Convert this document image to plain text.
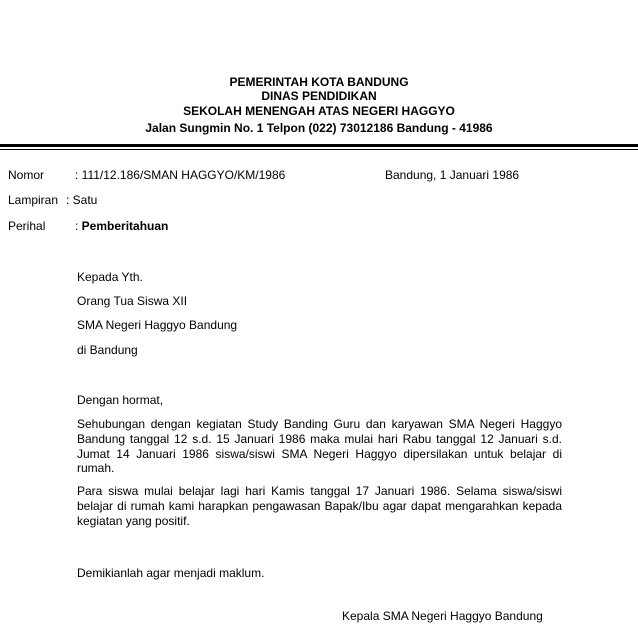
PEMERINTAH KOTA BANDUNG
DINAS PENDIDIKAN
SEKOLAH MENENGAH ATAS NEGERI HAGGYO
Jalan Sungmin No. 1 Telpon (022) 73012186 Bandung - 41986
Nomor	: 111/12.186/SMAN HAGGYO/KM/1986	Bandung, 1 Januari 1986
Lampiran : Satu
Perihal : Pemberitahuan
Kepada Yth.
Orang Tua Siswa XII
SMA Negeri Haggyo Bandung
di Bandung
Dengan hormat,
Sehubungan dengan kegiatan Study Banding Guru dan karyawan SMA Negeri Haggyo Bandung tanggal 12 s.d. 15 Januari 1986 maka mulai hari Rabu tanggal 12 Januari s.d. Jumat 14 Januari 1986 siswa/siswi SMA Negeri Haggyo dipersilakan untuk belajar di rumah.
Para siswa mulai belajar lagi hari Kamis tanggal 17 Januari 1986. Selama siswa/siswi belajar di rumah kami harapkan pengawasan Bapak/Ibu agar dapat mengarahkan kepada kegiatan yang positif.
Demikianlah agar menjadi maklum.
Kepala SMA Negeri Haggyo Bandung
